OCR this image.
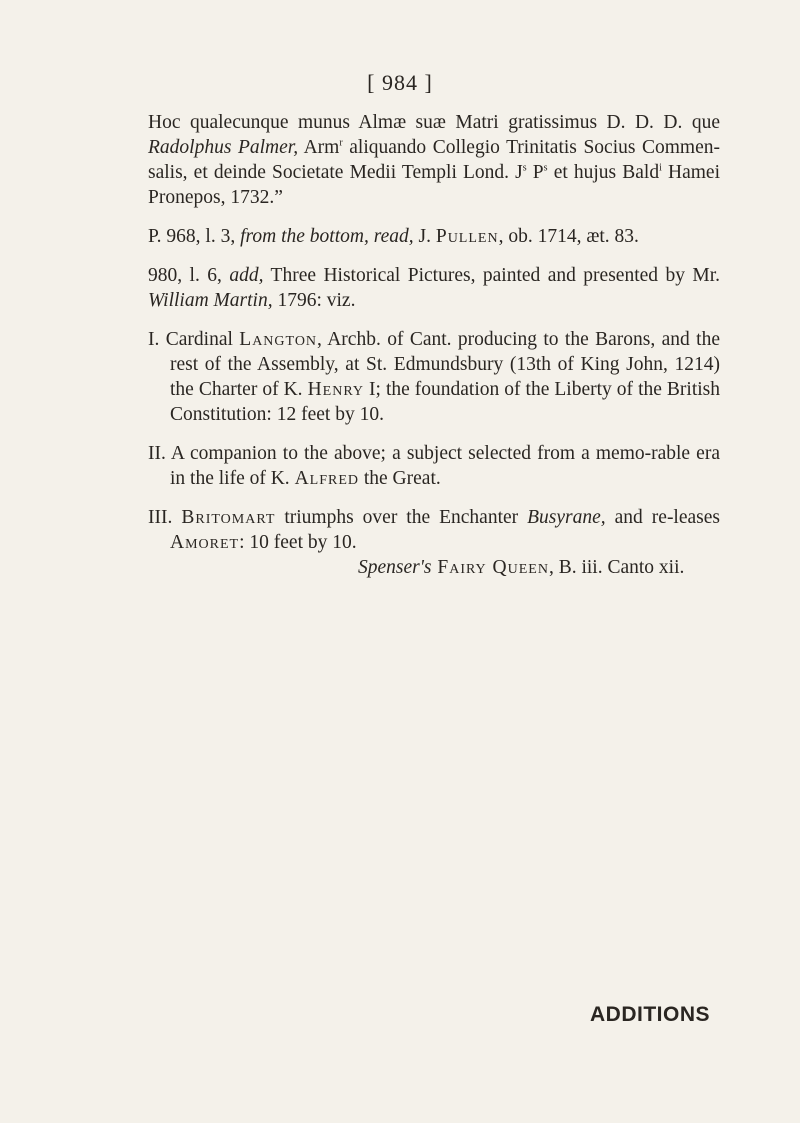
[ 984 ]

Hoc qualecunque munus Almæ suæ Matri gratissimus D. D. D. que Radolphus Palmer, Arm$^r$ aliquando Collegio Trinitatis Socius Commen-salis, et deinde Societate Medii Templi Lond. $J^s$ $P^s$ et hujus Bald$^i$ Hamei Pronepos, 1732.”

P. 968, l. 3, from the bottom, read, J. Pullen, ob. 1714, æt. 83.

980, l. 6, add, Three Historical Pictures, painted and presented by Mr. William Martin, 1796: viz.

I. Cardinal Langton, Archb. of Cant. producing to the Barons, and the rest of the Assembly, at St. Edmundsbury (13th of King John, 1214) the Charter of K. Henry I; the foundation of the Liberty of the British Constitution: 12 feet by 10.

II. A companion to the above; a subject selected from a memo-rable era in the life of K. Alfred the Great.

III. Britomart triumphs over the Enchanter Busyrane, and re-leases Amoret: 10 feet by 10.
Spenser's Fairy Queen, B. iii. Canto xii.

ADDITIONS
